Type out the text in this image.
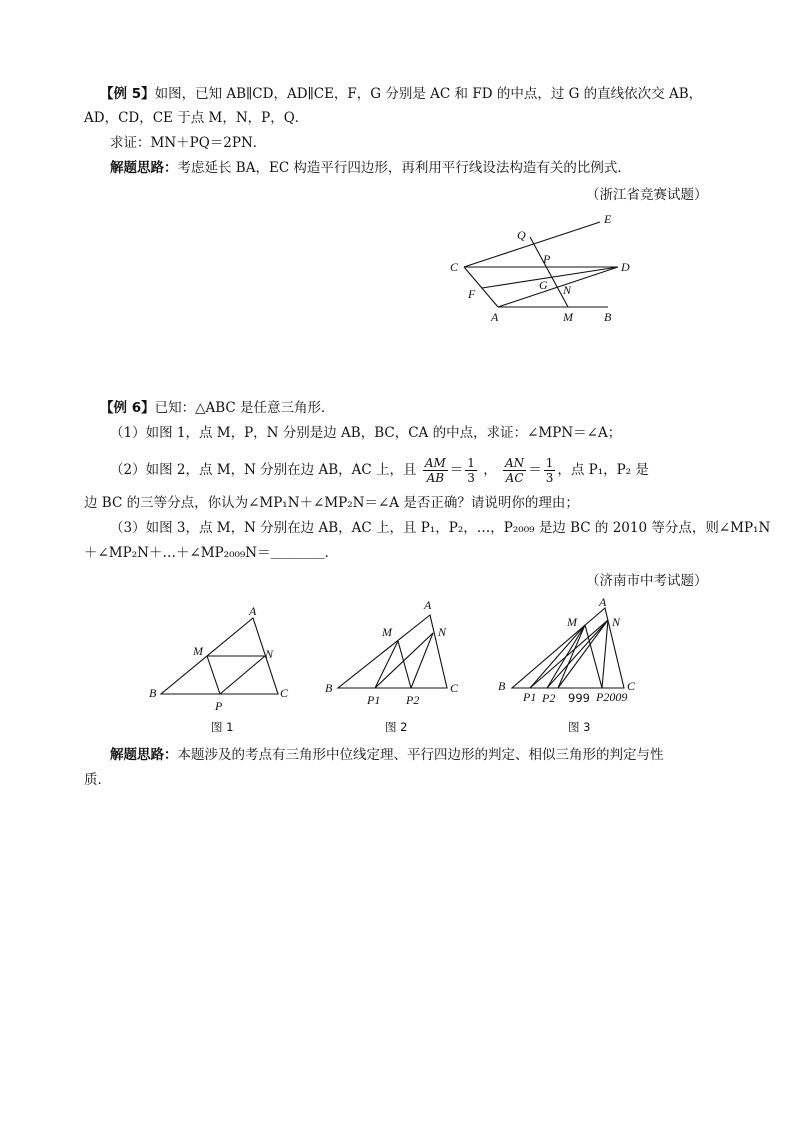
【例 5】如图，已知 AB∥CD，AD∥CE，F，G 分别是 AC 和 FD 的中点，过 G 的直线依次交 AB，
AD，CD，CE 于点 M，N，P，Q．
求证：MN＋PQ＝2PN．
解题思路：考虑延长 BA，EC 构造平行四边形，再利用平行线设法构造有关的比例式．
（浙江省竞赛试题）
E
Q
C
P
D
G N
F
A	M	B
【例 6】已知：△ABC 是任意三角形．
（1）如图 1，点 M，P，N 分别是边 AB，BC，CA 的中点，求证：∠MPN＝∠A；
（2）如图 2，点 M，N 分别在边 AB，AC 上，且 $\frac{AM}{AB} = \frac{1}{3}$ ， $\frac{AN}{AC} = \frac{1}{3}$ ，点 P₁，P₂ 是
边 BC 的三等分点，你认为∠MP₁N＋∠MP₂N＝∠A 是否正确？请说明你的理由；
（3）如图 3，点 M，N 分别在边 AB，AC 上，且 P₁，P₂，…，P₂₀₀₉ 是边 BC 的 2010 等分点，则∠MP₁N
＋∠MP₂N＋…＋∠MP₂₀₀₉N＝＿＿＿＿．
（济南市中考试题）
A
M	N
B
P
C
图 1
A
M	N
B
P1 P2
C
图 2
A
M	N
B
P1 P2 999 P2009
C
图 3
解题思路：本题涉及的考点有三角形中位线定理、平行四边形的判定、相似三角形的判定与性
质．
